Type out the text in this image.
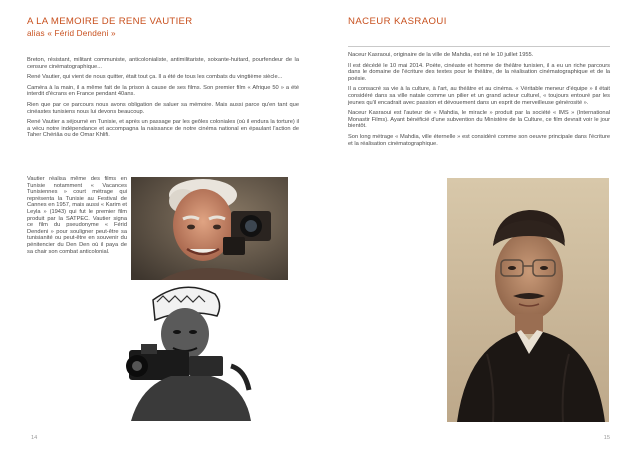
A LA MEMOIRE DE RENE VAUTIER
alias « Férid Dendeni »

Breton, résistant, militant communiste, anticolonialiste, antimilitariste, soixante-huitard, pourfendeur de la censure cinématographique...

René Vautier, qui vient de nous quitter, était tout ça. Il a été de tous les combats du vingtième siècle...

Caméra à la main, il a même fait de la prison à cause de ses films. Son premier film « Afrique 50 » a été interdit d'écrans en France pendant 40ans.

Rien que par ce parcours nous avons obligation de saluer sa mémoire. Mais aussi parce qu'en tant que cinéastes tunisiens nous lui devons beaucoup.

René Vautier a séjourné en Tunisie, et après un passage par les geôles coloniales (où il endura la torture) il a vécu notre indépendance et accompagna la naissance de notre cinéma national en épaulant l'action de Taher Chériâa ou de Omar Khlifi.

Vautier réalisa même des films en Tunisie notamment « Vacances Tunisiennes » court métrage qui représenta la Tunisie au Festival de Cannes en 1957, mais aussi « Karim et Leyla » (1943) qui fut le premier film produit par la SATPEC. Vautier signa ce film du pseudonyme « Férid Dendeni » pour souligner peut-être sa tunisianité ou peut-être en souvenir du pénitencier du Den Den où il paya de sa chair son combat anticolonial.

14
NACEUR KASRAOUI

Naceur Kasraoui, originaire de la ville de Mahdia, est né le 10 juillet 1955.

Il est décédé le 10 mai 2014. Poète, cinéaste et homme de théâtre tunisien, il a eu un riche parcours dans le domaine de l'écriture des textes pour le théâtre, de la réalisation cinématographique et de la poésie.

Il a consacré sa vie à la culture, à l'art, au théâtre et au cinéma. « Véritable meneur d'équipe » il était considéré dans sa ville natale comme un pilier et un grand acteur culturel, « toujours entouré par les jeunes qu'il encadrait avec passion et dévouement dans un esprit de merveilleuse générosité ».

Naceur Kasraoui est l'auteur de « Mahdia, le miracle » produit par la société « IMS » (International Monastir Films). Ayant bénéficié d'une subvention du Ministère de la Culture, ce film devrait voir le jour bientôt.

Son long métrage « Mahdia, ville éternelle » est considéré comme son oeuvre principale dans l'écriture et la réalisation cinématographique.

15
